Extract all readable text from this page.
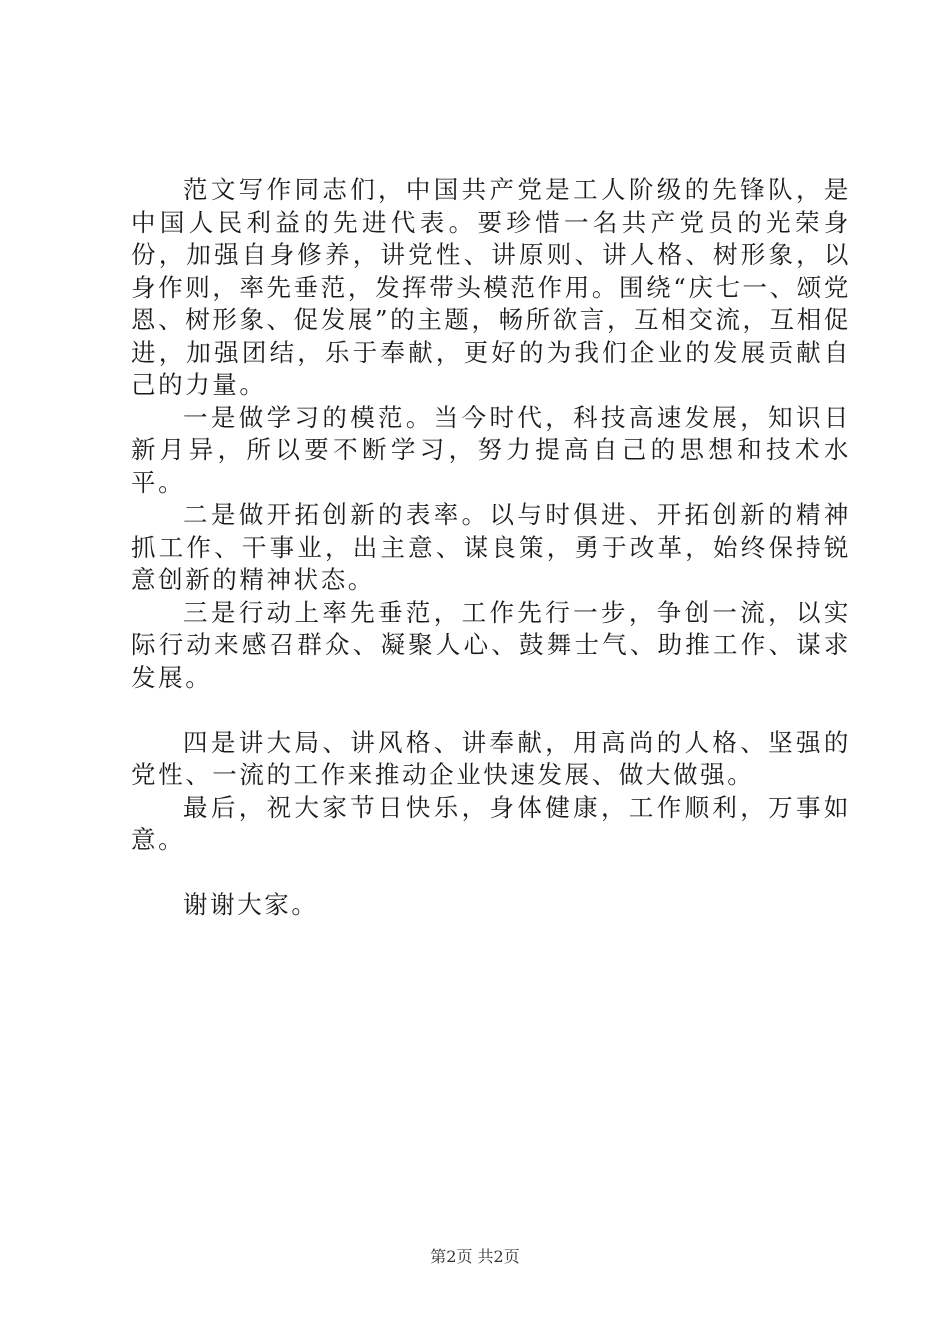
范文写作同志们，中国共产党是工人阶级的先锋队，是中国人民利益的先进代表。要珍惜一名共产党员的光荣身份，加强自身修养，讲党性、讲原则、讲人格、树形象，以身作则，率先垂范，发挥带头模范作用。围绕“庆七一、颂党恩、树形象、促发展”的主题，畅所欲言，互相交流，互相促进，加强团结，乐于奉献，更好的为我们企业的发展贡献自己的力量。

一是做学习的模范。当今时代，科技高速发展，知识日新月异，所以要不断学习，努力提高自己的思想和技术水平。

二是做开拓创新的表率。以与时俱进、开拓创新的精神抓工作、干事业，出主意、谋良策，勇于改革，始终保持锐意创新的精神状态。

三是行动上率先垂范，工作先行一步，争创一流，以实际行动来感召群众、凝聚人心、鼓舞士气、助推工作、谋求发展。

四是讲大局、讲风格、讲奉献，用高尚的人格、坚强的党性、一流的工作来推动企业快速发展、做大做强。

最后，祝大家节日快乐，身体健康，工作顺利，万事如意。

谢谢大家。

第2页 共2页
